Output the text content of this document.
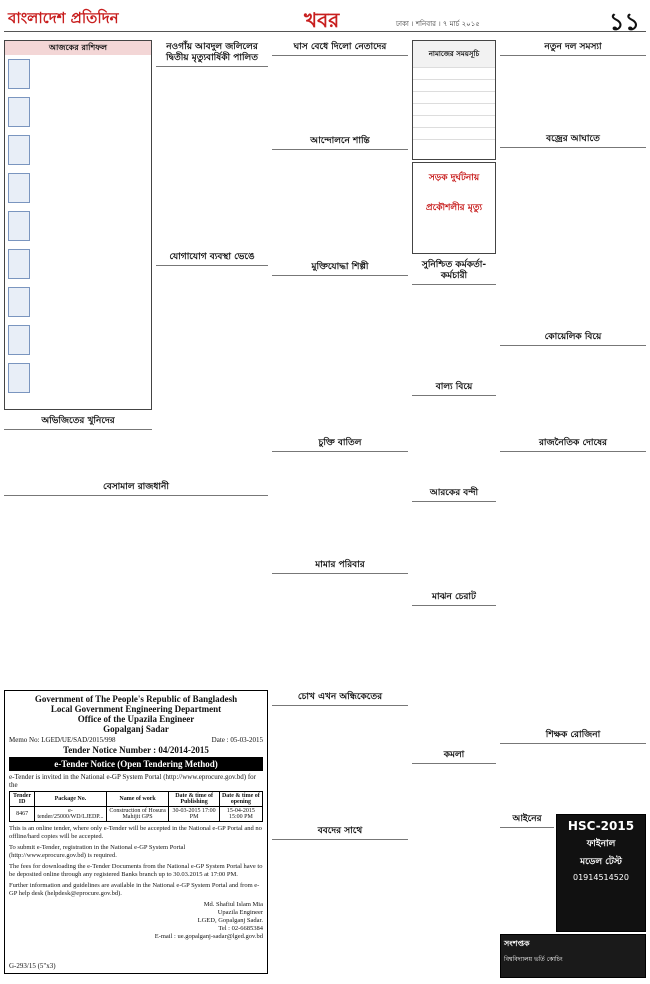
বাংলাদেশ প্রতিদিন	খবর	ঢাকা । শনিবার । ৭ মার্চ ২০১৫	১১
আজকের রাশিফল

অভিজিতের খুনিদের
বেসামাল রাজধানী
নওগাঁয় আবদুল জলিলের দ্বিতীয় মৃত্যুবার্ষিকী পালিত
যোগাযোগ ব্যবস্থা ভেঙে
ঘাস বেধে দিলো নেতাদের
আন্দোলনে শান্তি
মুক্তিযোদ্ধা শিল্পী
চুক্তি বাতিল
মামার পরিবার
চোখ এখন অন্ধিকেতের
ববদের সাথে
নামাজের সময়সূচি
সড়ক দুর্ঘটনায় প্রকৌশলীর মৃত্যু
সুনিশ্চিত কর্মকর্তা-কর্মচারী
বাল্য বিয়ে
আরকের বন্দী
মাঝন চেরাট
কমলা
নতুন দল সমস্যা
বজ্রের আঘাতে
কোয়েলিক বিয়ে
রাজনৈতিক দোষের
শিক্ষক রোজিনা
আইনের
Government of The People's Republic of Bangladesh
Local Government Engineering Department
Office of the Upazila Engineer
Gopalganj Sadar
Memo No: LGED/UE/SAD/2015/998	Date : 05-03-2015
Tender Notice Number : 04/2014-2015
e-Tender Notice (Open Tendering Method)
e-Tender is invited in the National e-GP System Portal (http://www.eprocure.gov.bd) for the
Tender ID	Package No.	Name of work	Date & time of Publishing	Date & time of opening
8467	e-tender/25000/WD/LJEDP...	Construction of Hosura Mahijit GPS	30-03-2015 17:00 PM	15-04-2015 15:00 PM
This is an online tender, where only e-Tender will be accepted in the National e-GP Portal and no offline/hard copies will be accepted.
To submit e-Tender, registration in the National e-GP System Portal (http://www.eprocure.gov.bd) is required.
The fees for downloading the e-Tender Documents from the National e-GP System Portal have to be deposited online through any registered Banks branch up to 30.03.2015 at 17:00 PM.
Further information and guidelines are available in the National e-GP System Portal and from e-GP help desk (helpdesk@eprocure.gov.bd).
Md. Shafiul Islam Mia
Upazila Engineer
LGED, Gopalganj Sadar.
Tel : 02-6685384
E-mail : ue.gopalganj-sadar@lged.gov.bd
G-293/15 (5"x3)
HSC-2015
ফাইনাল
মডেল টেস্ট
01914514520
সংশপ্তক
বিশ্ববিদ্যালয় ভর্তি কোচিং
